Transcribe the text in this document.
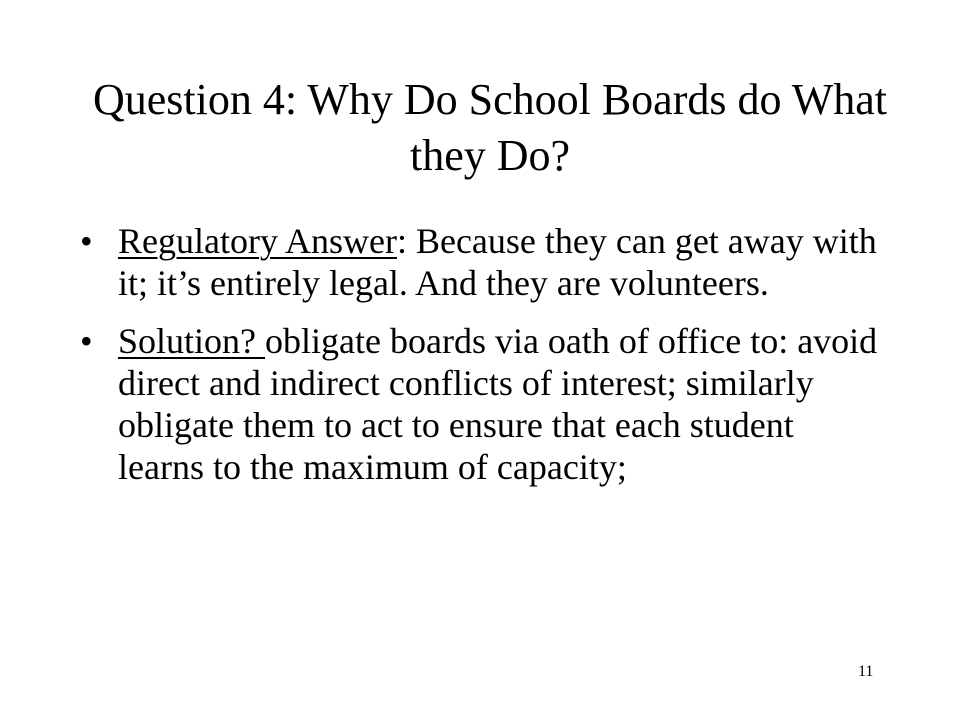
Question 4: Why Do School Boards do What they Do?
• Regulatory Answer: Because they can get away with it; it’s entirely legal. And they are volunteers.
• Solution? obligate boards via oath of office to: avoid direct and indirect conflicts of interest; similarly obligate them to act to ensure that each student learns to the maximum of capacity;
11
